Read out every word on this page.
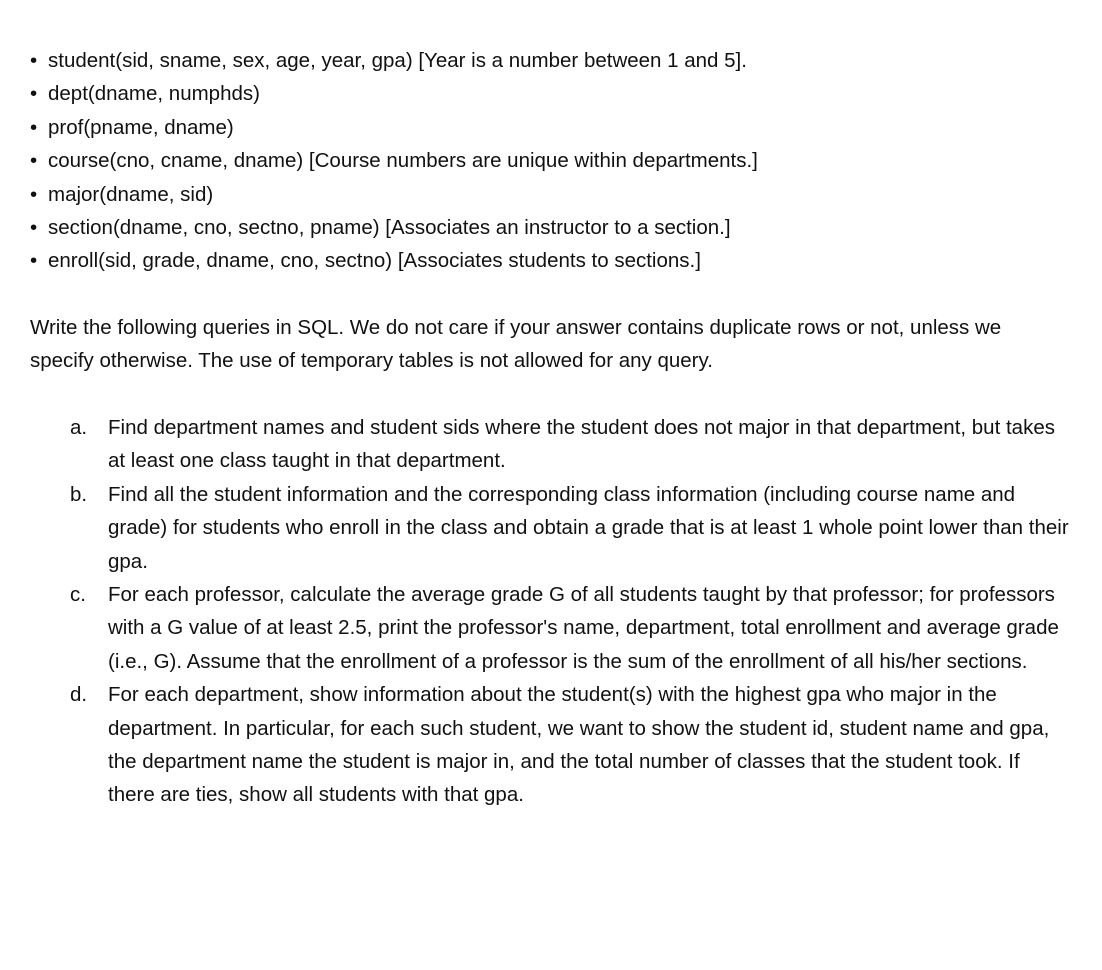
• student(sid, sname, sex, age, year, gpa) [Year is a number between 1 and 5].
• dept(dname, numphds)
• prof(pname, dname)
• course(cno, cname, dname) [Course numbers are unique within departments.]
• major(dname, sid)
• section(dname, cno, sectno, pname) [Associates an instructor to a section.]
• enroll(sid, grade, dname, cno, sectno) [Associates students to sections.]

Write the following queries in SQL. We do not care if your answer contains duplicate rows or not, unless we specify otherwise. The use of temporary tables is not allowed for any query.

a. Find department names and student sids where the student does not major in that department, but takes at least one class taught in that department.
b. Find all the student information and the corresponding class information (including course name and grade) for students who enroll in the class and obtain a grade that is at least 1 whole point lower than their gpa.
c. For each professor, calculate the average grade G of all students taught by that professor; for professors with a G value of at least 2.5, print the professor's name, department, total enrollment and average grade (i.e., G). Assume that the enrollment of a professor is the sum of the enrollment of all his/her sections.
d. For each department, show information about the student(s) with the highest gpa who major in the department. In particular, for each such student, we want to show the student id, student name and gpa, the department name the student is major in, and the total number of classes that the student took. If there are ties, show all students with that gpa.
